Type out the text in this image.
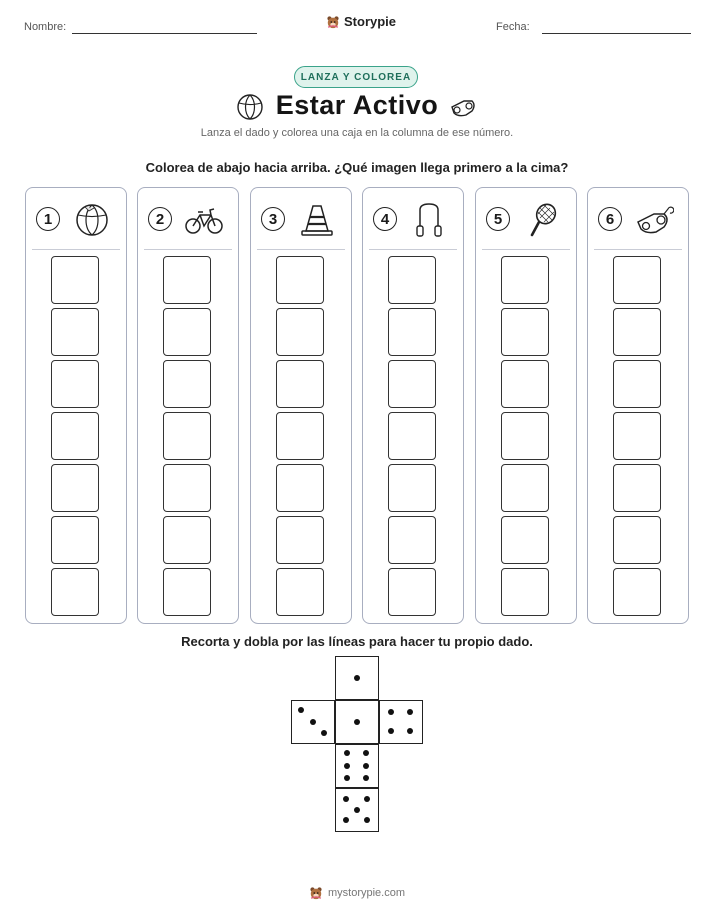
Nombre:	Storypie	Fecha:
LANZA Y COLOREA
Estar Activo
Lanza el dado y colorea una caja en la columna de ese número.
Colorea de abajo hacia arriba. ¿Qué imagen llega primero a la cima?
1	2	3	4	5	6
Recorta y dobla por las líneas para hacer tu propio dado.
mystorypie.com
